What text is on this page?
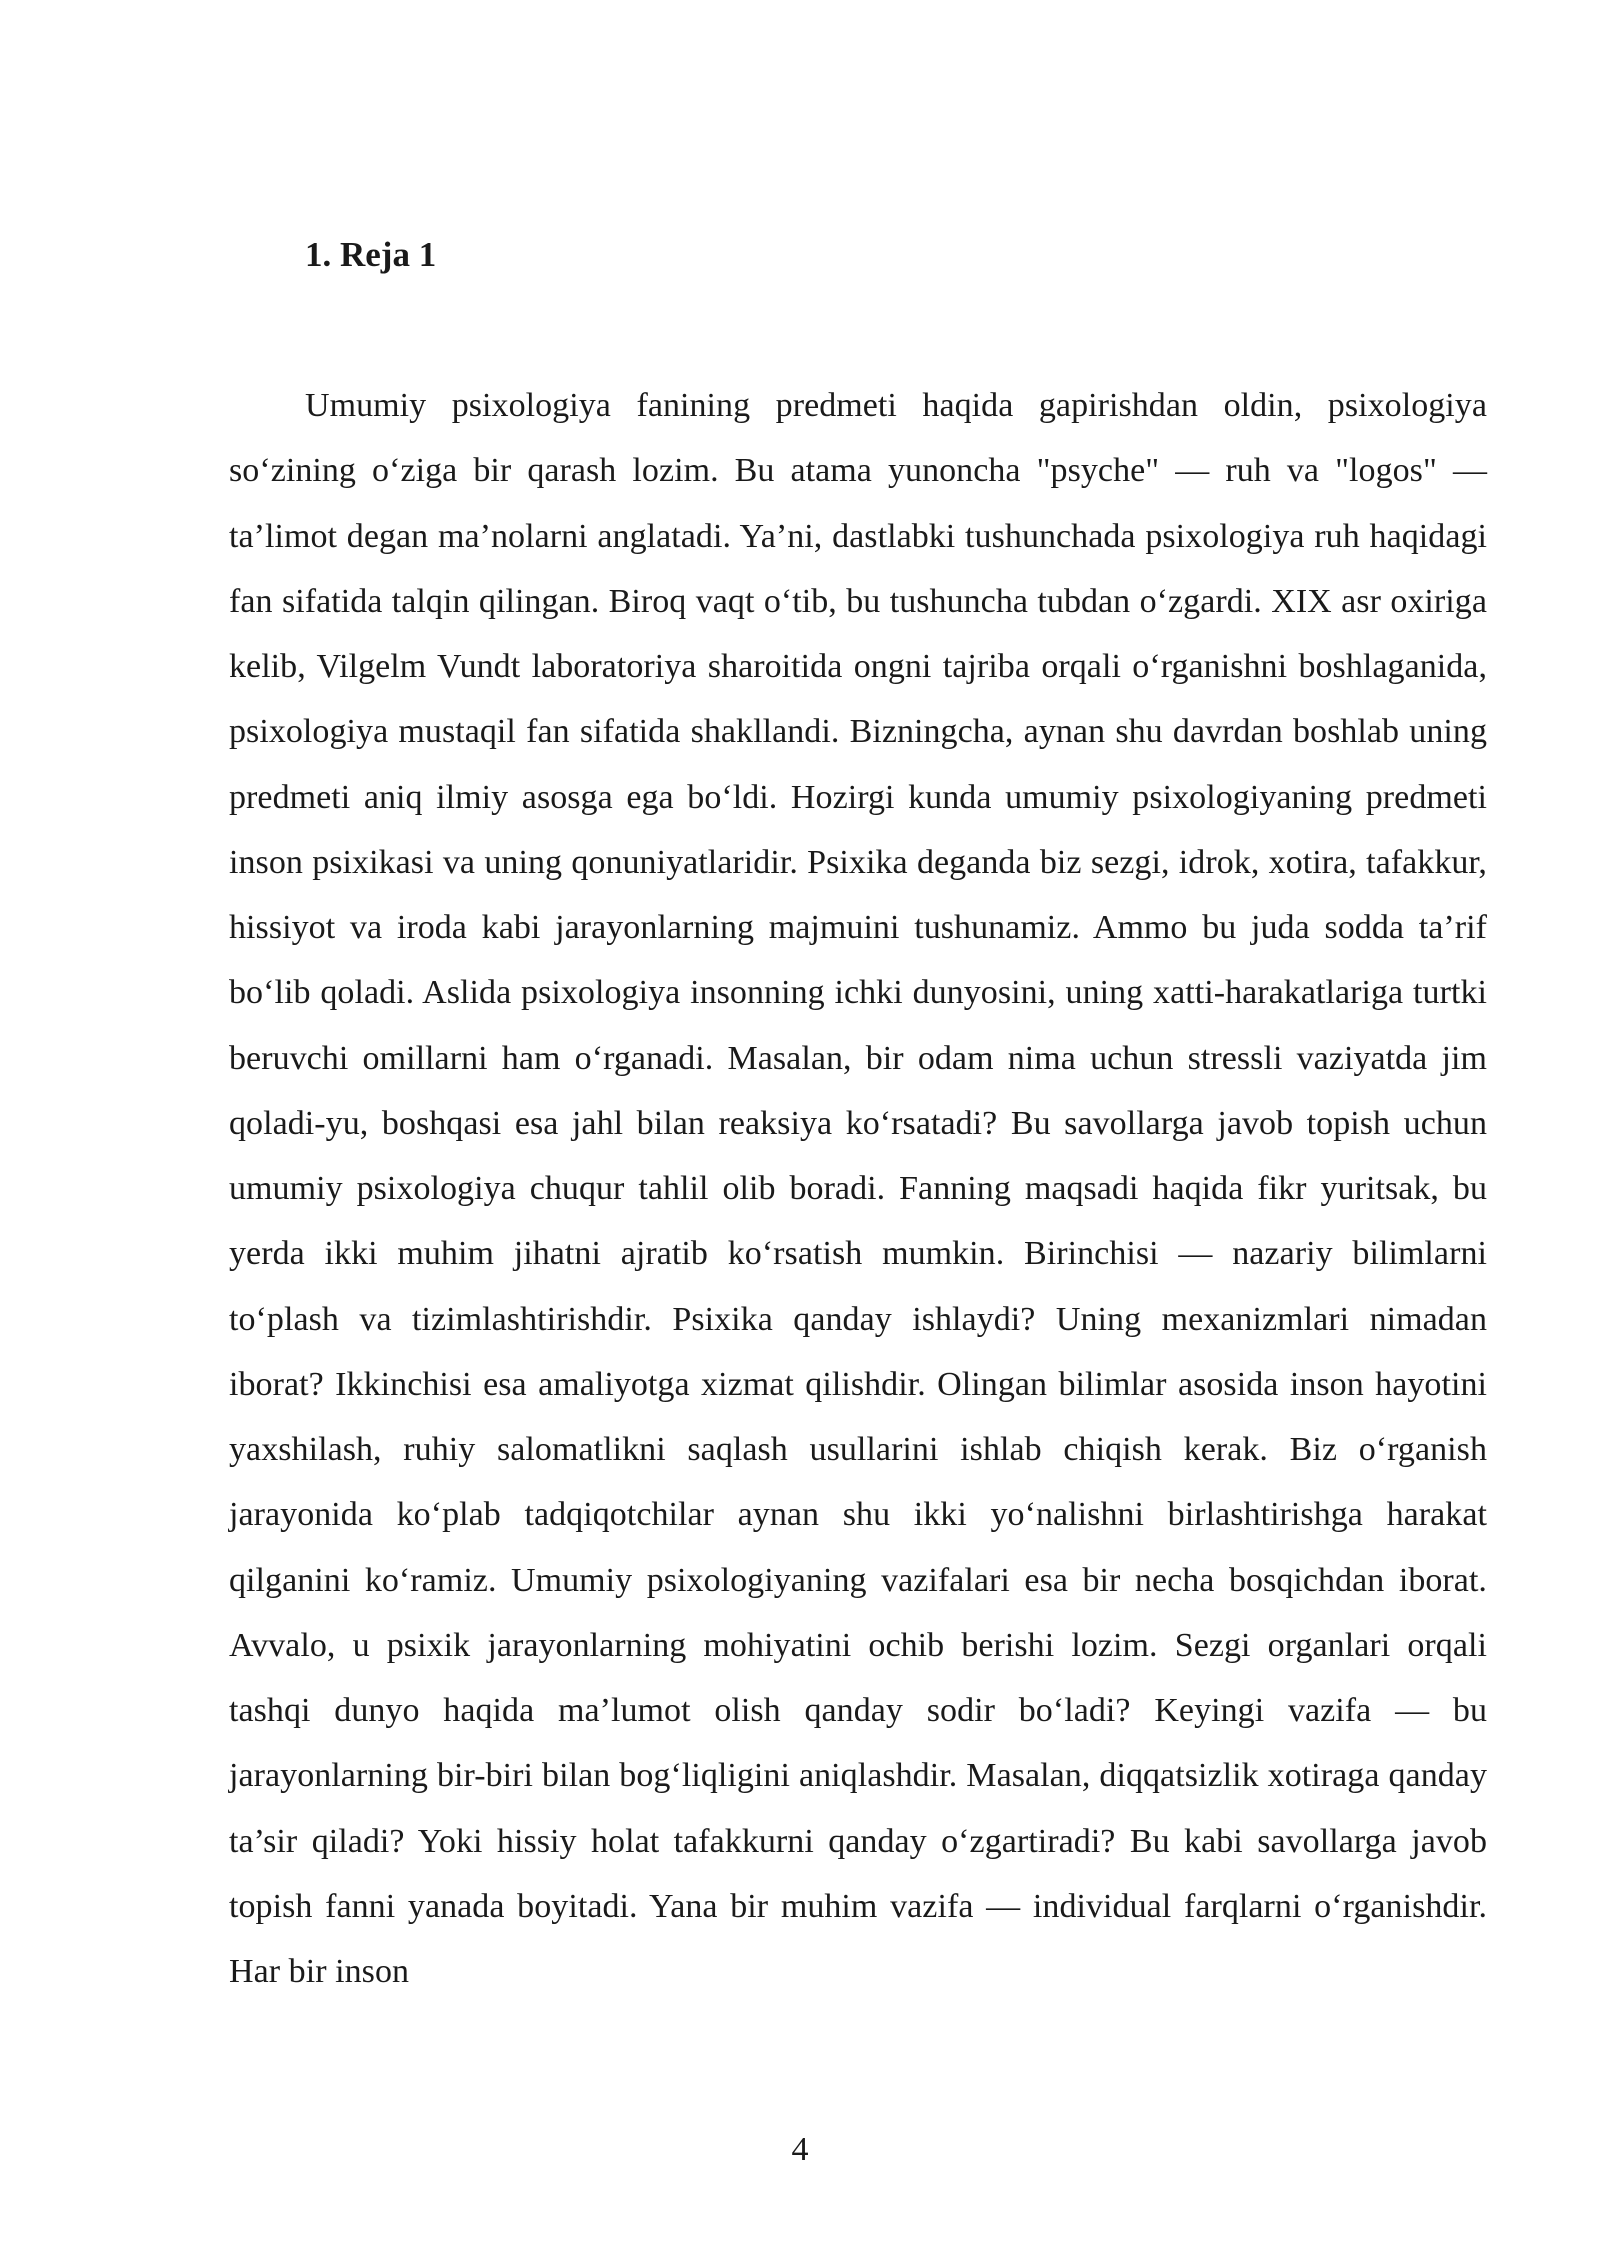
1. Reja 1

Umumiy psixologiya fanining predmeti haqida gapirishdan oldin, psixologiya so‘zining o‘ziga bir qarash lozim. Bu atama yunoncha "psyche" — ruh va "logos" — ta’limot degan ma’nolarni anglatadi. Ya’ni, dastlabki tushunchada psixologiya ruh haqidagi fan sifatida talqin qilingan. Biroq vaqt o‘tib, bu tushuncha tubdan o‘zgardi. XIX asr oxiriga kelib, Vilgelm Vundt laboratoriya sharoitida ongni tajriba orqali o‘rganishni boshlaganida, psixologiya mustaqil fan sifatida shakllandi. Bizningcha, aynan shu davrdan boshlab uning predmeti aniq ilmiy asosga ega bo‘ldi. Hozirgi kunda umumiy psixologiyaning predmeti inson psixikasi va uning qonuniyatlaridir. Psixika deganda biz sezgi, idrok, xotira, tafakkur, hissiyot va iroda kabi jarayonlarning majmuini tushunamiz. Ammo bu juda sodda ta’rif bo‘lib qoladi. Aslida psixologiya insonning ichki dunyosini, uning xatti-harakatlariga turtki beruvchi omillarni ham o‘rganadi. Masalan, bir odam nima uchun stressli vaziyatda jim qoladi-yu, boshqasi esa jahl bilan reaksiya ko‘rsatadi? Bu savollarga javob topish uchun umumiy psixologiya chuqur tahlil olib boradi. Fanning maqsadi haqida fikr yuritsak, bu yerda ikki muhim jihatni ajratib ko‘rsatish mumkin. Birinchisi — nazariy bilimlarni to‘plash va tizimlashtirishdir. Psixika qanday ishlaydi? Uning mexanizmlari nimadan iborat? Ikkinchisi esa amaliyotga xizmat qilishdir. Olingan bilimlar asosida inson hayotini yaxshilash, ruhiy salomatlikni saqlash usullarini ishlab chiqish kerak. Biz o‘rganish jarayonida ko‘plab tadqiqotchilar aynan shu ikki yo‘nalishni birlashtirishga harakat qilganini ko‘ramiz. Umumiy psixologiyaning vazifalari esa bir necha bosqichdan iborat. Avvalo, u psixik jarayonlarning mohiyatini ochib berishi lozim. Sezgi organlari orqali tashqi dunyo haqida ma’lumot olish qanday sodir bo‘ladi? Keyingi vazifa — bu jarayonlarning bir-biri bilan bog‘liqligini aniqlashdir. Masalan, diqqatsizlik xotiraga qanday ta’sir qiladi? Yoki hissiy holat tafakkurni qanday o‘zgartiradi? Bu kabi savollarga javob topish fanni yanada boyitadi. Yana bir muhim vazifa — individual farqlarni o‘rganishdir. Har bir inson

4
